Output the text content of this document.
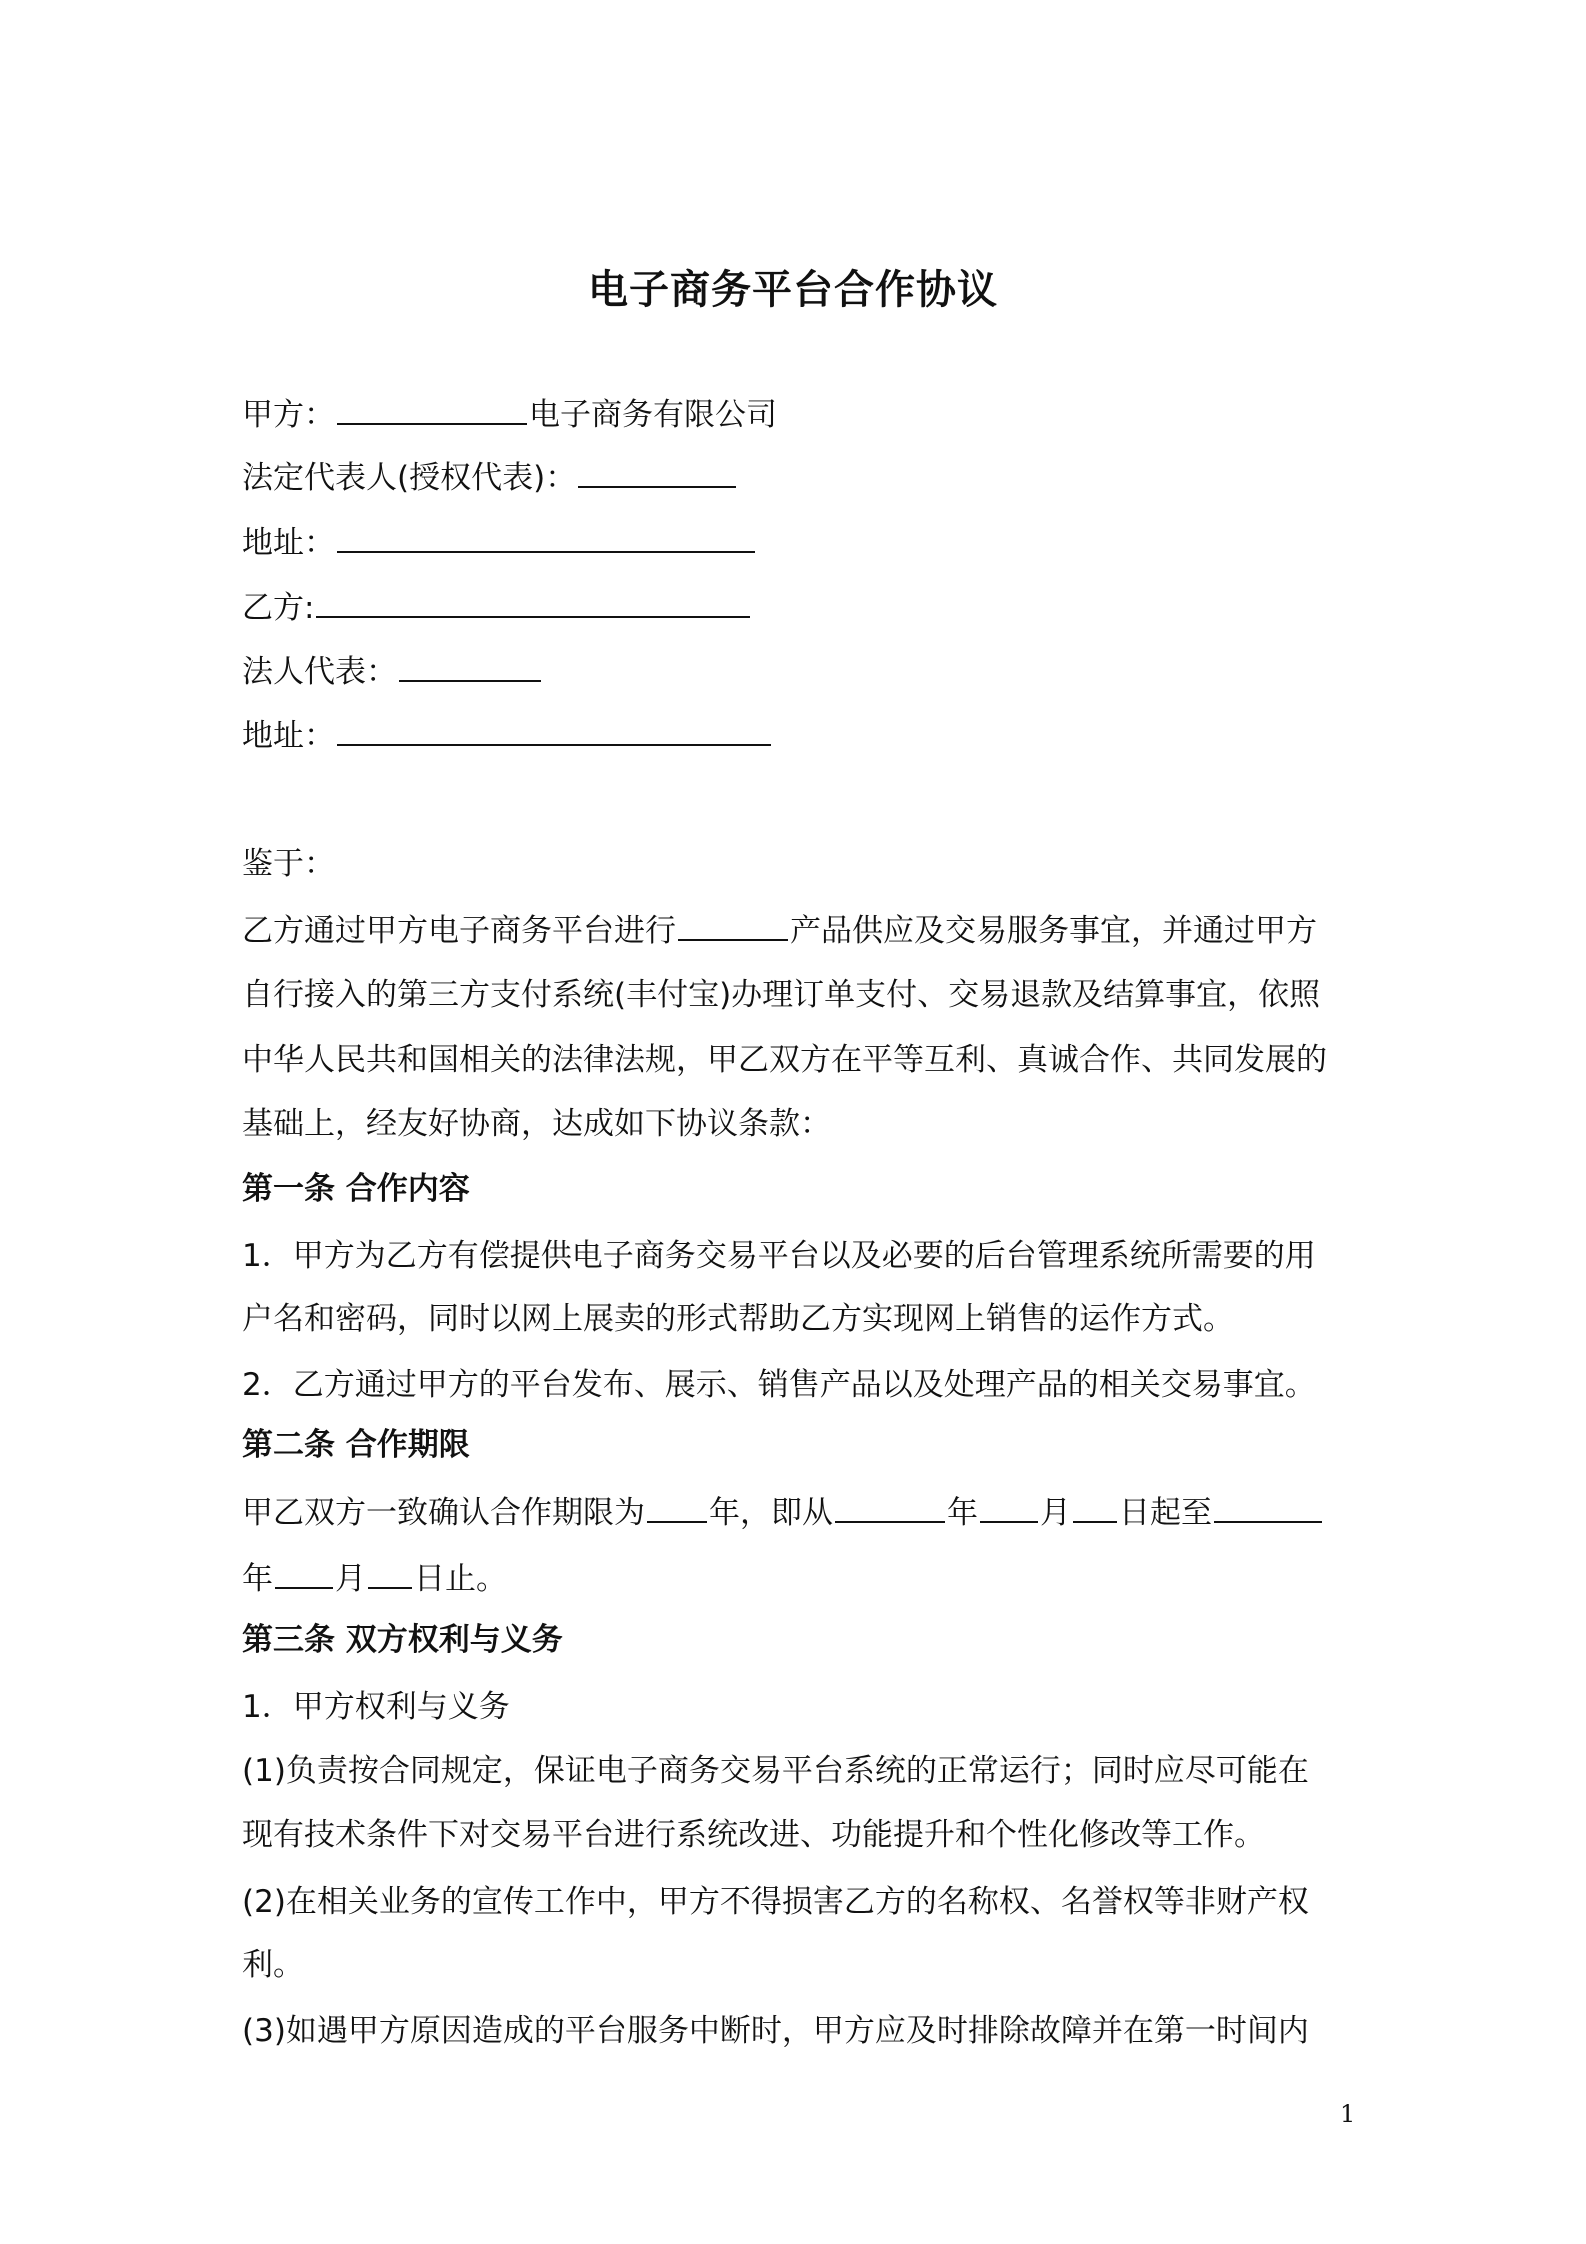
电子商务平台合作协议
甲方：	电子商务有限公司
法定代表人(授权代表)：
地址：
乙方:
法人代表：
地址：
鉴于：
乙方通过甲方电子商务平台进行	产品供应及交易服务事宜，并通过甲方
自行接入的第三方支付系统(丰付宝)办理订单支付、交易退款及结算事宜，依照
中华人民共和国相关的法律法规，甲乙双方在平等互利、真诚合作、共同发展的
基础上，经友好协商，达成如下协议条款：
第一条 合作内容
1．甲方为乙方有偿提供电子商务交易平台以及必要的后台管理系统所需要的用
户名和密码，同时以网上展卖的形式帮助乙方实现网上销售的运作方式。
2．乙方通过甲方的平台发布、展示、销售产品以及处理产品的相关交易事宜。
第二条 合作期限
甲乙双方一致确认合作期限为 年，即从	年 月 日起至
年 月 日止。
第三条 双方权利与义务
1．甲方权利与义务
(1)负责按合同规定，保证电子商务交易平台系统的正常运行；同时应尽可能在
现有技术条件下对交易平台进行系统改进、功能提升和个性化修改等工作。
(2)在相关业务的宣传工作中，甲方不得损害乙方的名称权、名誉权等非财产权
利。
(3)如遇甲方原因造成的平台服务中断时，甲方应及时排除故障并在第一时间内
1
